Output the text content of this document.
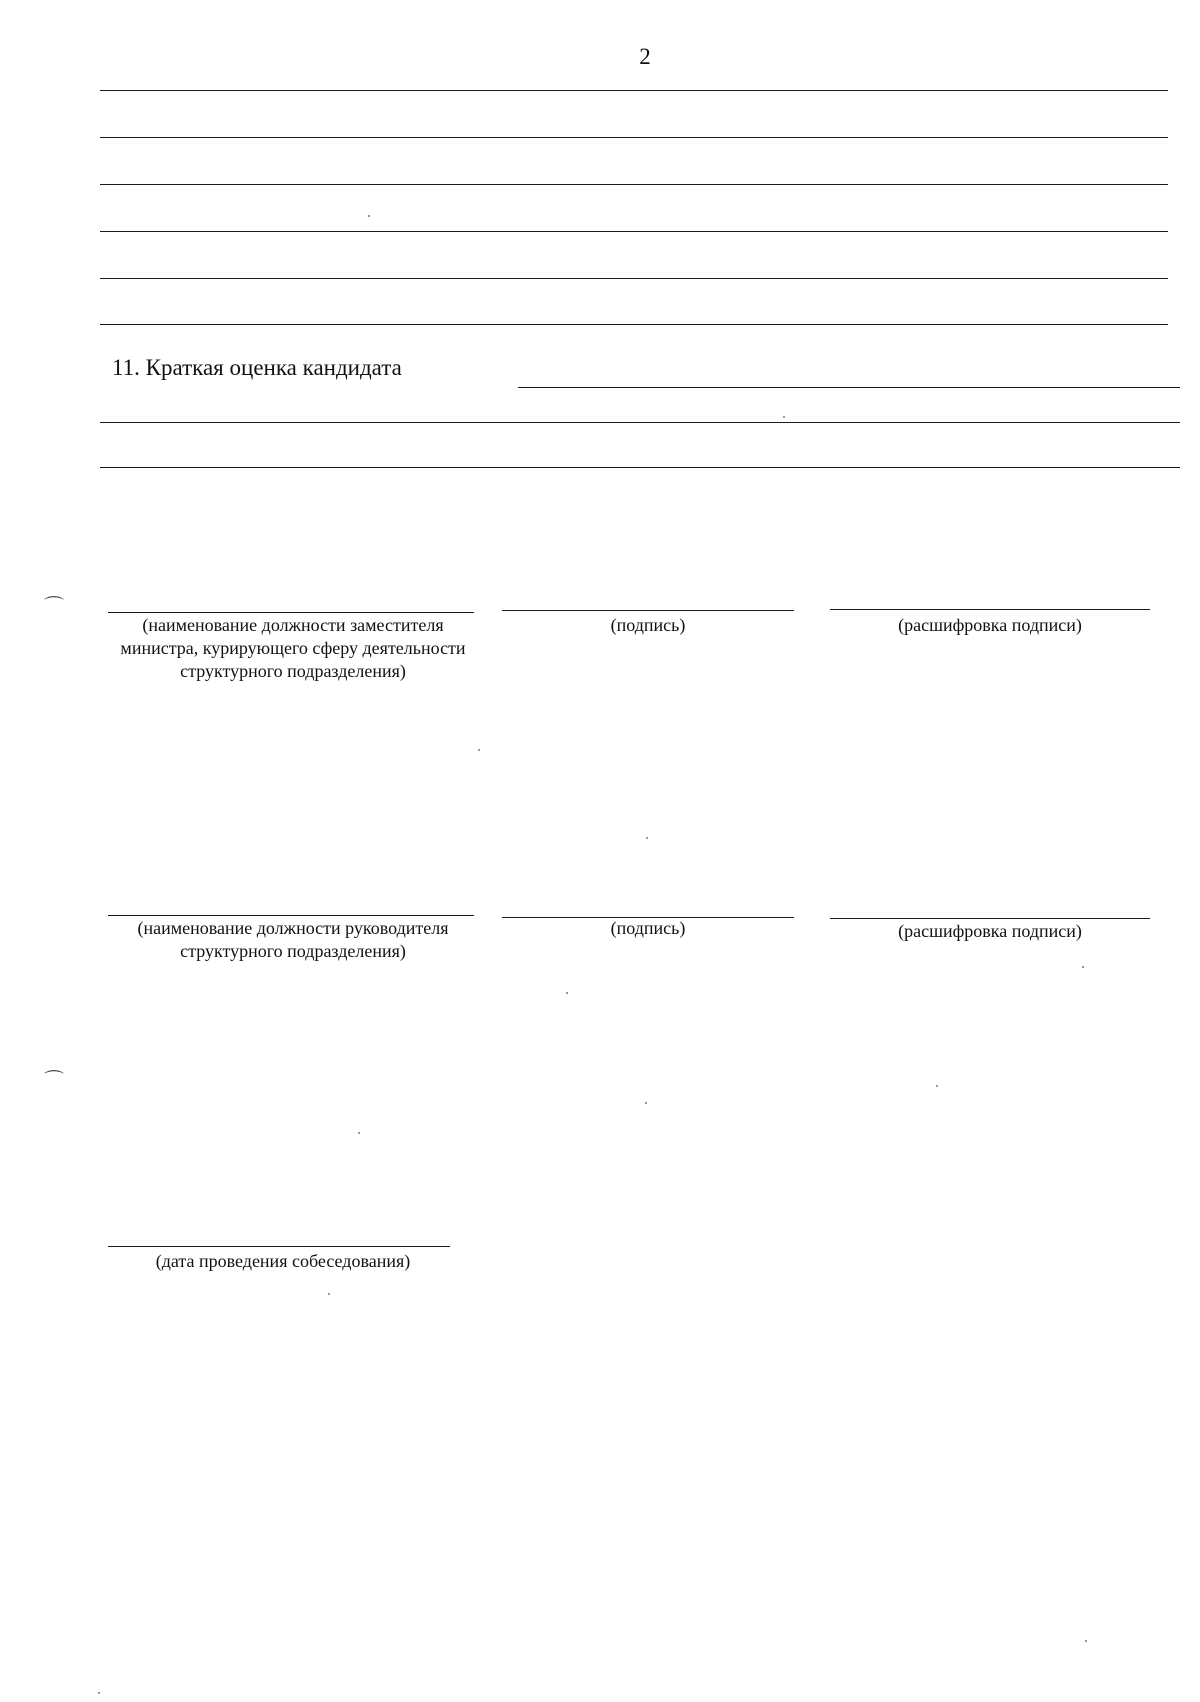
2
11. Краткая оценка кандидата
⌒
(наименование должности заместителя министра, курирующего сферу деятельности структурного подразделения)
(подпись)	(расшифровка подписи)
(наименование должности руководителя структурного подразделения)
(подпись)	(расшифровка подписи)
⌒
(дата проведения собеседования)
